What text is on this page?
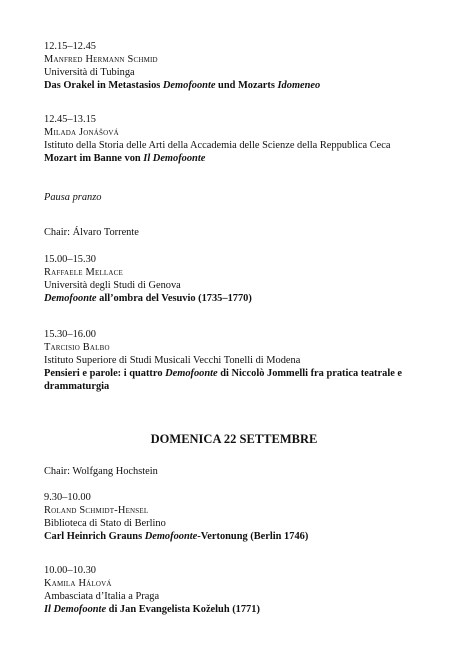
12.15–12.45
Manfred Hermann Schmid
Università di Tubinga
Das Orakel in Metastasios Demofoonte und Mozarts Idomeneo
12.45–13.15
Milada Jonášová
Istituto della Storia delle Arti della Accademia delle Scienze della Reppublica Ceca
Mozart im Banne von Il Demofoonte
Pausa pranzo
Chair: Álvaro Torrente
15.00–15.30
Raffaele Mellace
Università degli Studi di Genova
Demofoonte all’ombra del Vesuvio (1735–1770)
15.30–16.00
Tarcisio Balbo
Istituto Superiore di Studi Musicali Vecchi Tonelli di Modena
Pensieri e parole: i quattro Demofoonte di Niccolò Jommelli fra pratica teatrale e drammaturgia
DOMENICA 22 SETTEMBRE
Chair: Wolfgang Hochstein
9.30–10.00
Roland Schmidt-Hensel
Biblioteca di Stato di Berlino
Carl Heinrich Grauns Demofoonte-Vertonung (Berlin 1746)
10.00–10.30
Kamila Hálová
Ambasciata d’Italia a Praga
Il Demofoonte di Jan Evangelista Koželuh (1771)
